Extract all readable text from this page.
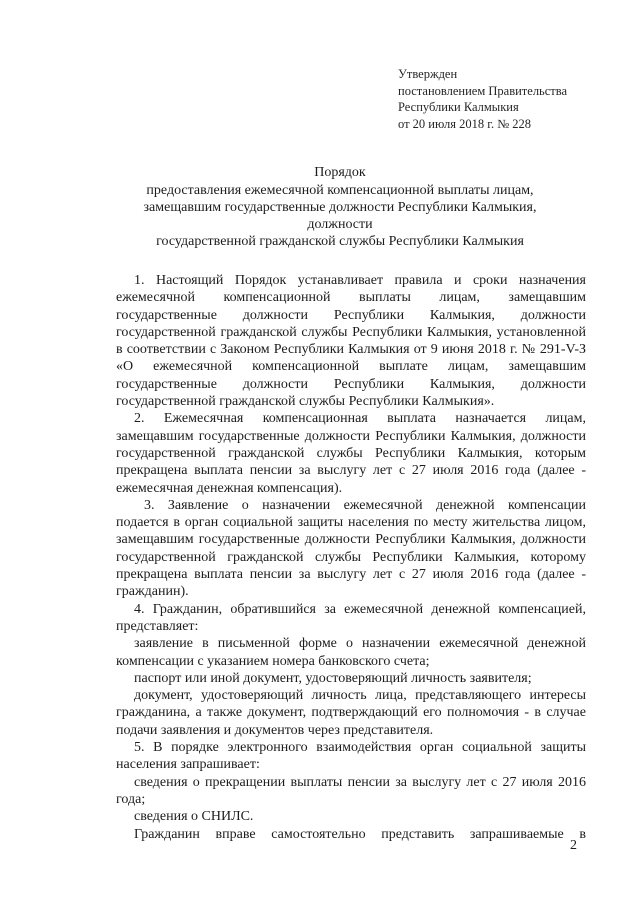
Утвержден
постановлением Правительства
Республики Калмыкия
от 20 июля 2018 г. № 228
Порядок
предоставления ежемесячной компенсационной выплаты лицам,
замещавшим государственные должности Республики Калмыкия, должности
государственной гражданской службы Республики Калмыкия
1. Настоящий Порядок устанавливает правила и сроки назначения
ежемесячной компенсационной выплаты лицам, замещавшим
государственные должности Республики Калмыкия, должности
государственной гражданской службы Республики Калмыкия, установленной
в соответствии с Законом Республики Калмыкия от 9 июня 2018 г. № 291-V-З
«О ежемесячной компенсационной выплате лицам, замещавшим
государственные должности Республики Калмыкия, должности
государственной гражданской службы Республики Калмыкия».
2. Ежемесячная компенсационная выплата назначается лицам,
замещавшим государственные должности Республики Калмыкия, должности
государственной гражданской службы Республики Калмыкия, которым
прекращена выплата пенсии за выслугу лет с 27 июля 2016 года (далее -
ежемесячная денежная компенсация).
3. Заявление о назначении ежемесячной денежной компенсации
подается в орган социальной защиты населения по месту жительства лицом,
замещавшим государственные должности Республики Калмыкия, должности
государственной гражданской службы Республики Калмыкия, которому
прекращена выплата пенсии за выслугу лет с 27 июля 2016 года (далее -
гражданин).
4. Гражданин, обратившийся за ежемесячной денежной компенсацией,
представляет:
заявление в письменной форме о назначении ежемесячной денежной
компенсации с указанием номера банковского счета;
паспорт или иной документ, удостоверяющий личность заявителя;
документ, удостоверяющий личность лица, представляющего интересы
гражданина, а также документ, подтверждающий его полномочия - в случае
подачи заявления и документов через представителя.
5. В порядке электронного взаимодействия орган социальной защиты
населения запрашивает:
сведения о прекращении выплаты пенсии за выслугу лет с 27 июля 2016
года;
сведения о СНИЛС.
Гражданин вправе самостоятельно представить запрашиваемые в
2
